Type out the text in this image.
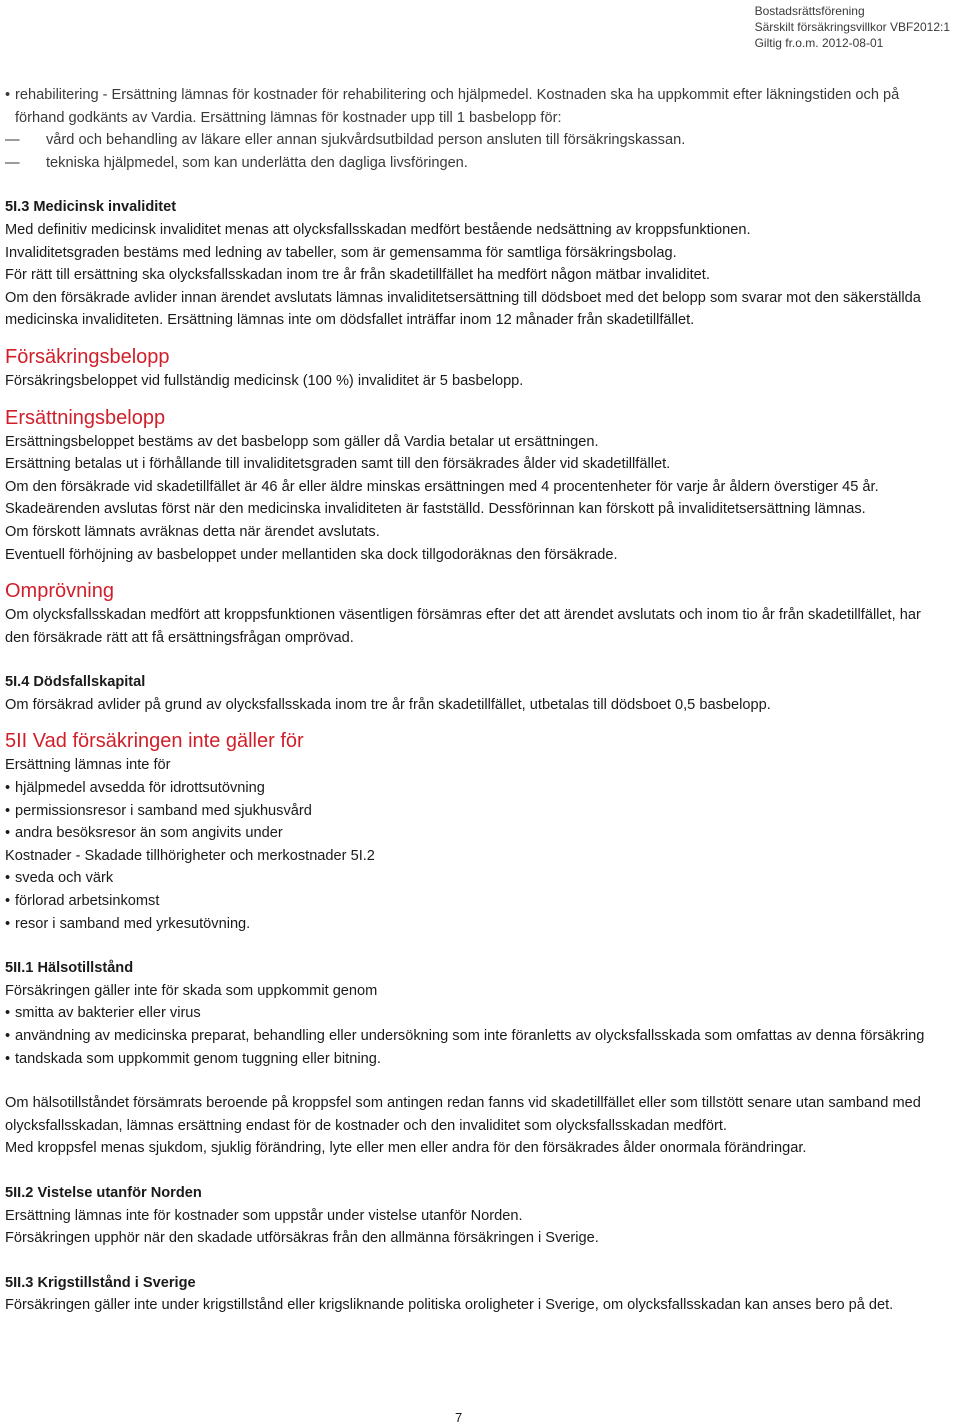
Bostadsrättsförening
Särskilt försäkringsvillkor VBF2012:1
Giltig fr.o.m. 2012-08-01

• rehabilitering - Ersättning lämnas för kostnader för rehabilitering och hjälpmedel. Kostnaden ska ha uppkommit efter läkningstiden och på förhand godkänts av Vardia. Ersättning lämnas för kostnader upp till 1 basbelopp för:

— vård och behandling av läkare eller annan sjukvårdsutbildad person ansluten till försäkringskassan.

— tekniska hjälpmedel, som kan underlätta den dagliga livsföringen.

5I.3 Medicinsk invaliditet

Med definitiv medicinsk invaliditet menas att olycksfallsskadan medfört bestående nedsättning av kroppsfunktionen.

Invaliditetsgraden bestäms med ledning av tabeller, som är gemensamma för samtliga försäkringsbolag.

För rätt till ersättning ska olycksfallsskadan inom tre år från skadetillfället ha medfört någon mätbar invaliditet.

Om den försäkrade avlider innan ärendet avslutats lämnas invaliditetsersättning till dödsboet med det belopp som svarar mot den säkerställda medicinska invaliditeten. Ersättning lämnas inte om dödsfallet inträffar inom 12 månader från skadetillfället.

Försäkringsbelopp

Försäkringsbeloppet vid fullständig medicinsk (100 %) invaliditet är 5 basbelopp.

Ersättningsbelopp

Ersättningsbeloppet bestäms av det basbelopp som gäller då Vardia betalar ut ersättningen.

Ersättning betalas ut i förhållande till invaliditetsgraden samt till den försäkrades ålder vid skadetillfället.

Om den försäkrade vid skadetillfället är 46 år eller äldre minskas ersättningen med 4 procentenheter för varje år åldern överstiger 45 år.

Skadeärenden avslutas först när den medicinska invaliditeten är fastställd. Dessförinnan kan förskott på invaliditetsersättning lämnas.

Om förskott lämnats avräknas detta när ärendet avslutats.

Eventuell förhöjning av basbeloppet under mellantiden ska dock tillgodoräknas den försäkrade.

Omprövning

Om olycksfallsskadan medfört att kroppsfunktionen väsentligen försämras efter det att ärendet avslutats och inom tio år från skadetillfället, har den försäkrade rätt att få ersättningsfrågan omprövad.

5I.4 Dödsfallskapital

Om försäkrad avlider på grund av olycksfallsskada inom tre år från skadetillfället, utbetalas till dödsboet 0,5 basbelopp.

5II Vad försäkringen inte gäller för

Ersättning lämnas inte för

• hjälpmedel avsedda för idrottsutövning

• permissionsresor i samband med sjukhusvård

• andra besöksresor än som angivits under

Kostnader - Skadade tillhörigheter och merkostnader 5I.2

• sveda och värk

• förlorad arbetsinkomst

• resor i samband med yrkesutövning.

5II.1 Hälsotillstånd

Försäkringen gäller inte för skada som uppkommit genom

• smitta av bakterier eller virus

• användning av medicinska preparat, behandling eller undersökning som inte föranletts av olycksfallsskada som omfattas av denna försäkring

• tandskada som uppkommit genom tuggning eller bitning.

Om hälsotillståndet försämrats beroende på kroppsfel som antingen redan fanns vid skadetillfället eller som tillstött senare utan samband med olycksfallsskadan, lämnas ersättning endast för de kostnader och den invaliditet som olycksfallsskadan medfört.

Med kroppsfel menas sjukdom, sjuklig förändring, lyte eller men eller andra för den försäkrades ålder onormala förändringar.

5II.2 Vistelse utanför Norden

Ersättning lämnas inte för kostnader som uppstår under vistelse utanför Norden.

Försäkringen upphör när den skadade utförsäkras från den allmänna försäkringen i Sverige.

5II.3 Krigstillstånd i Sverige

Försäkringen gäller inte under krigstillstånd eller krigsliknande politiska oroligheter i Sverige, om olycksfallsskadan kan anses bero på det.

7
